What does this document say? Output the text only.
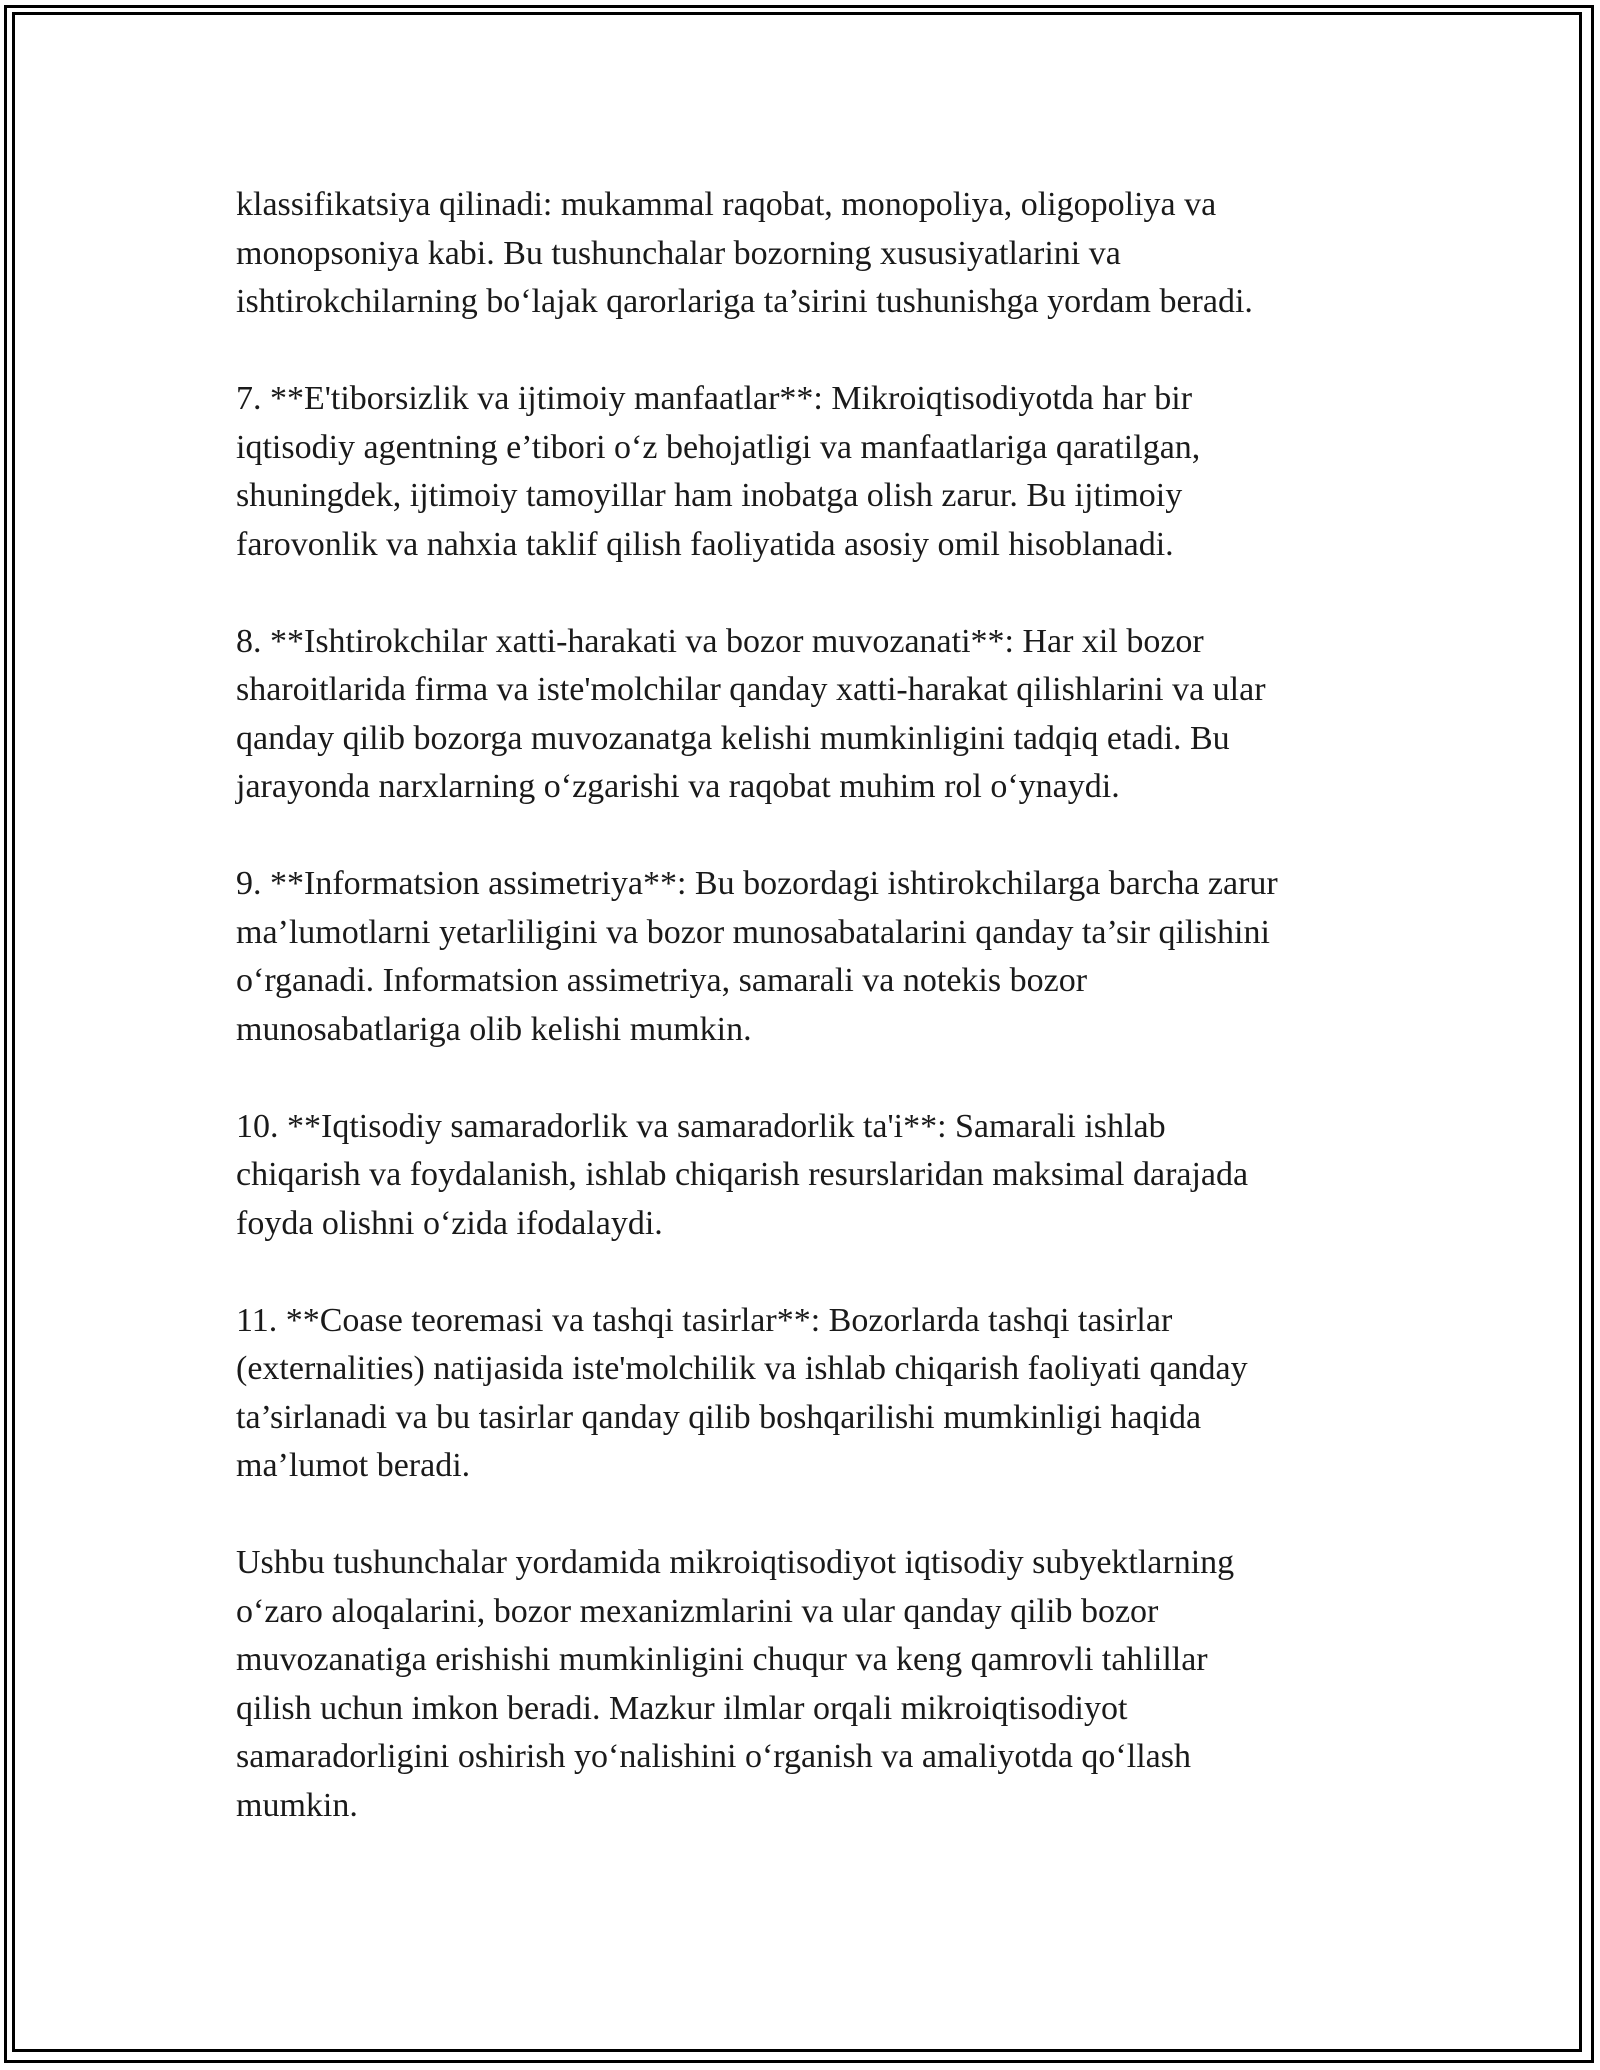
klassifikatsiya qilinadi: mukammal raqobat, monopoliya, oligopoliya va
monopsoniya kabi. Bu tushunchalar bozorning xususiyatlarini va
ishtirokchilarning bo‘lajak qarorlariga ta’sirini tushunishga yordam beradi.

7. **E'tiborsizlik va ijtimoiy manfaatlar**: Mikroiqtisodiyotda har bir
iqtisodiy agentning e’tibori o‘z behojatligi va manfaatlariga qaratilgan,
shuningdek, ijtimoiy tamoyillar ham inobatga olish zarur. Bu ijtimoiy
farovonlik va nahxia taklif qilish faoliyatida asosiy omil hisoblanadi.

8. **Ishtirokchilar xatti-harakati va bozor muvozanati**: Har xil bozor
sharoitlarida firma va iste'molchilar qanday xatti-harakat qilishlarini va ular
qanday qilib bozorga muvozanatga kelishi mumkinligini tadqiq etadi. Bu
jarayonda narxlarning o‘zgarishi va raqobat muhim rol o‘ynaydi.

9. **Informatsion assimetriya**: Bu bozordagi ishtirokchilarga barcha zarur
ma’lumotlarni yetarliligini va bozor munosabatalarini qanday ta’sir qilishini
o‘rganadi. Informatsion assimetriya, samarali va notekis bozor
munosabatlariga olib kelishi mumkin.

10. **Iqtisodiy samaradorlik va samaradorlik ta'i**: Samarali ishlab
chiqarish va foydalanish, ishlab chiqarish resurslaridan maksimal darajada
foyda olishni o‘zida ifodalaydi.

11. **Coase teoremasi va tashqi tasirlar**: Bozorlarda tashqi tasirlar
(externalities) natijasida iste'molchilik va ishlab chiqarish faoliyati qanday
ta’sirlanadi va bu tasirlar qanday qilib boshqarilishi mumkinligi haqida
ma’lumot beradi.

Ushbu tushunchalar yordamida mikroiqtisodiyot iqtisodiy subyektlarning
o‘zaro aloqalarini, bozor mexanizmlarini va ular qanday qilib bozor
muvozanatiga erishishi mumkinligini chuqur va keng qamrovli tahlillar
qilish uchun imkon beradi. Mazkur ilmlar orqali mikroiqtisodiyot
samaradorligini oshirish yo‘nalishini o‘rganish va amaliyotda qo‘llash
mumkin.
